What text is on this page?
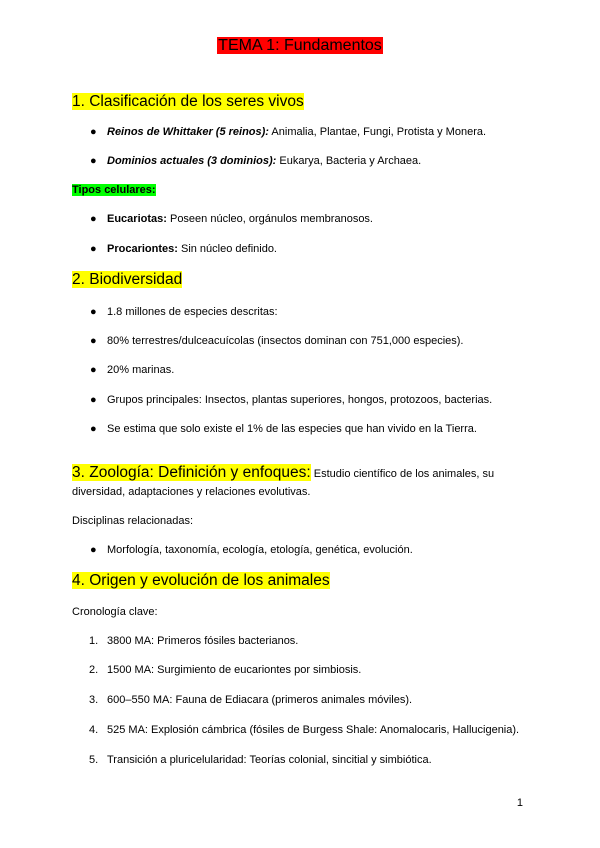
TEMA 1: Fundamentos
1. Clasificación de los seres vivos
● Reinos de Whittaker (5 reinos): Animalia, Plantae, Fungi, Protista y Monera.
● Dominios actuales (3 dominios): Eukarya, Bacteria y Archaea.
Tipos celulares:
● Eucariotas: Poseen núcleo, orgánulos membranosos.
● Procariontes: Sin núcleo definido.
2. Biodiversidad
● 1.8 millones de especies descritas:
● 80% terrestres/dulceacuícolas (insectos dominan con 751,000 especies).
● 20% marinas.
● Grupos principales: Insectos, plantas superiores, hongos, protozoos, bacterias.
● Se estima que solo existe el 1% de las especies que han vivido en la Tierra.
3. Zoología: Definición y enfoques: Estudio científico de los animales, su
diversidad, adaptaciones y relaciones evolutivas.
Disciplinas relacionadas:
● Morfología, taxonomía, ecología, etología, genética, evolución.
4. Origen y evolución de los animales
Cronología clave:
1. 3800 MA: Primeros fósiles bacterianos.
2. 1500 MA: Surgimiento de eucariontes por simbiosis.
3. 600–550 MA: Fauna de Ediacara (primeros animales móviles).
4. 525 MA: Explosión cámbrica (fósiles de Burgess Shale: Anomalocaris, Hallucigenia).
5. Transición a pluricelularidad: Teorías colonial, sincitial y simbiótica.
1
